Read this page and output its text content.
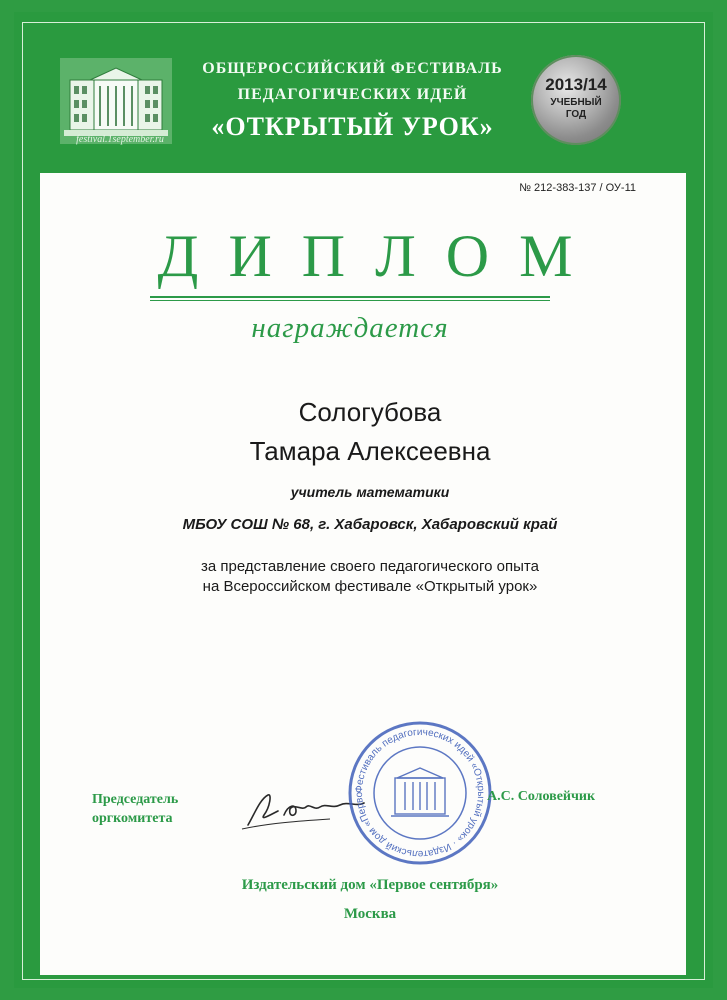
festival.1september.ru
ОБЩЕРОССИЙСКИЙ ФЕСТИВАЛЬ
ПЕДАГОГИЧЕСКИХ ИДЕЙ
«ОТКРЫТЫЙ УРОК»
2013/14
УЧЕБНЫЙ
ГОД
№ 212-383-137 / ОУ-11
ДИПЛОМ
награждается
Сологубова
Тамара Алексеевна
учитель математики
МБОУ СОШ № 68, г. Хабаровск, Хабаровский край
за представление своего педагогического опыта
на Всероссийском фестивале «Открытый урок»
Председатель
оргкомитета
Фестиваль педагогических идей «Открытый урок» · Издательский дом «Перво	А.С. Соловейчик
Издательский дом «Первое сентября»
Москва
